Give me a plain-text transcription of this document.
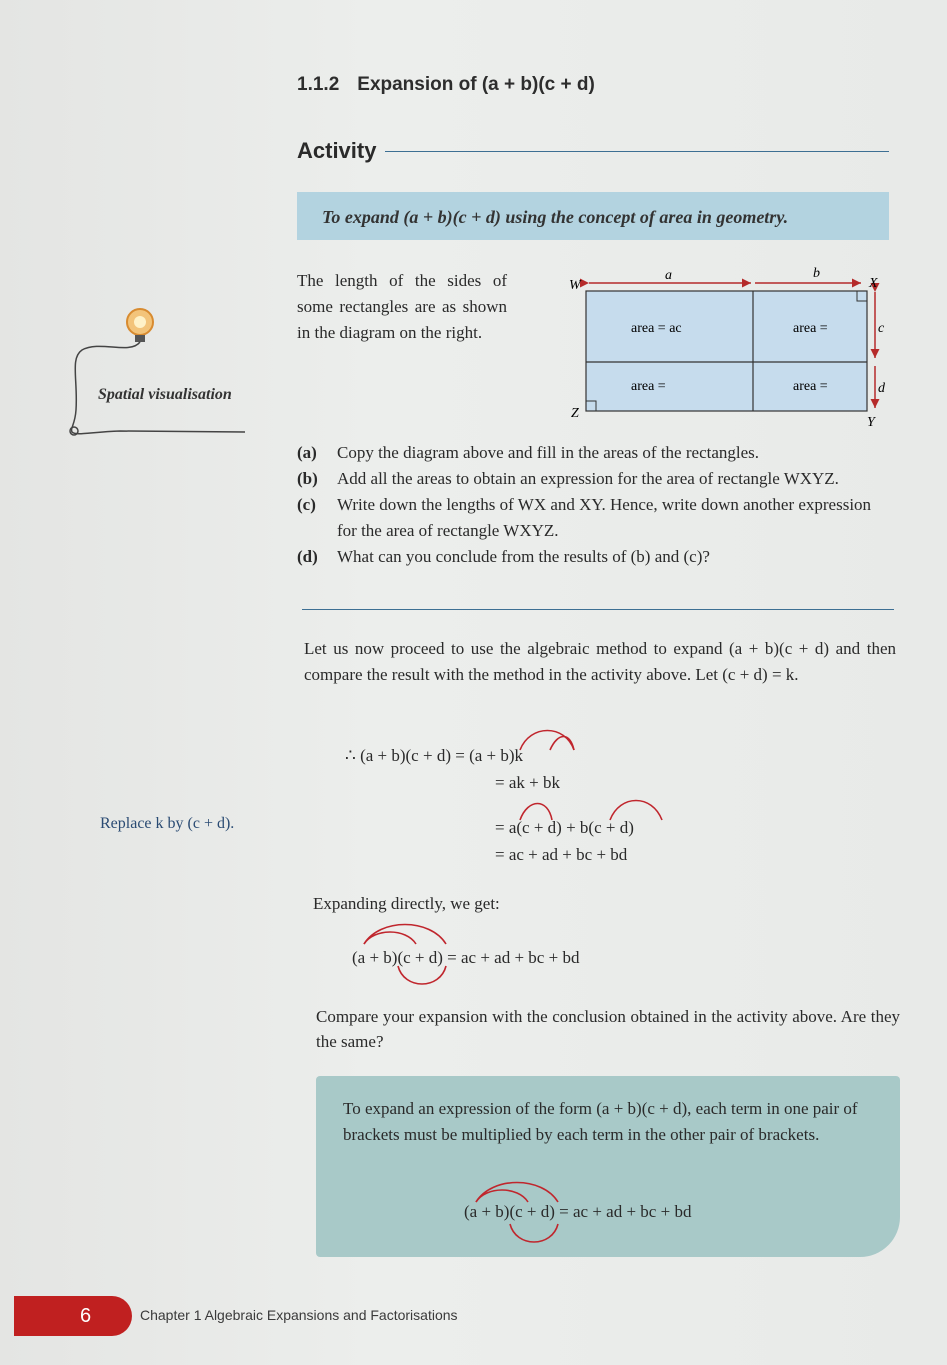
1.1.2 Expansion of (a + b)(c + d)
Activity
To expand (a + b)(c + d) using the concept of area in geometry.
Spatial visualisation
The length of the sides of some rectangles are as shown in the diagram on the right.
a	b
c
d
W	X
Y
Z
area = ac	area =
area =	area =
(a)	Copy the diagram above and fill in the areas of the rectangles.
(b)	Add all the areas to obtain an expression for the area of rectangle WXYZ.
(c)	Write down the lengths of WX and XY. Hence, write down another expression for the area of rectangle WXYZ.
(d)	What can you conclude from the results of (b) and (c)?
Let us now proceed to use the algebraic method to expand (a + b)(c + d) and then compare the result with the method in the activity above. Let (c + d) = k.
∴ (a + b)(c + d) = (a + b)k
= ak + bk
Replace k by (c + d).	= a(c + d) + b(c + d)
= ac + ad + bc + bd
Expanding directly, we get:
(a + b)(c + d) = ac + ad + bc + bd
Compare your expansion with the conclusion obtained in the activity above. Are they the same?
To expand an expression of the form (a + b)(c + d), each term in one pair of brackets must be multiplied by each term in the other pair of brackets.
(a + b)(c + d) = ac + ad + bc + bd
6	Chapter 1 Algebraic Expansions and Factorisations
